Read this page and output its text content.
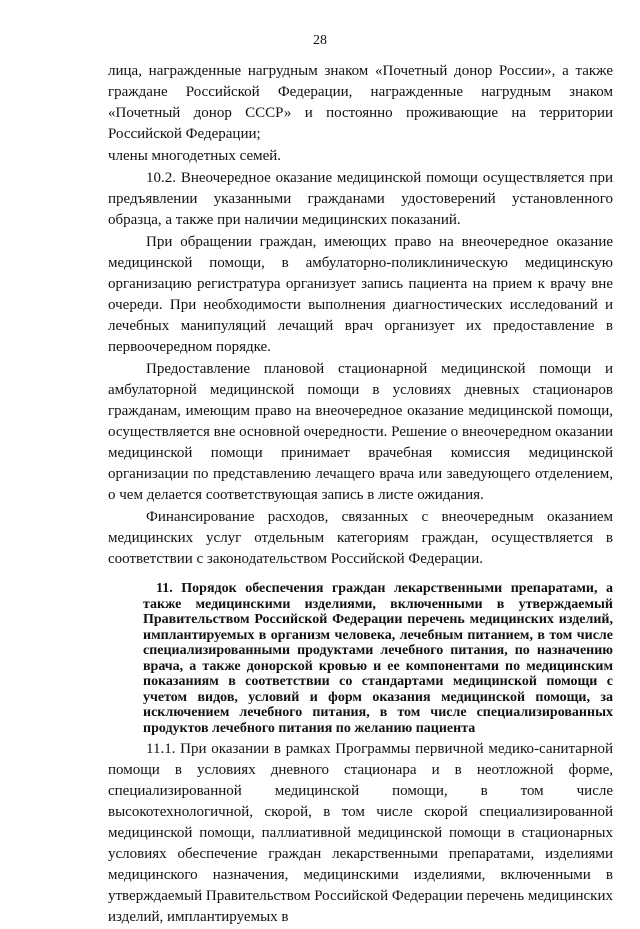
28

лица, награжденные нагрудным знаком «Почетный донор России», а также граждане Российской Федерации, награжденные нагрудным знаком «Почетный донор СССР» и постоянно проживающие на территории Российской Федерации;

члены многодетных семей.

10.2. Внеочередное оказание медицинской помощи осуществляется при предъявлении указанными гражданами удостоверений установленного образца, а также при наличии медицинских показаний.

При обращении граждан, имеющих право на внеочередное оказание медицинской помощи, в амбулаторно-поликлиническую медицинскую организацию регистратура организует запись пациента на прием к врачу вне очереди. При необходимости выполнения диагностических исследований и лечебных манипуляций лечащий врач организует их предоставление в первоочередном порядке.

Предоставление плановой стационарной медицинской помощи и амбулаторной медицинской помощи в условиях дневных стационаров гражданам, имеющим право на внеочередное оказание медицинской помощи, осуществляется вне основной очередности. Решение о внеочередном оказании медицинской помощи принимает врачебная комиссия медицинской организации по представлению лечащего врача или заведующего отделением, о чем делается соответствующая запись в листе ожидания.

Финансирование расходов, связанных с внеочередным оказанием медицинских услуг отдельным категориям граждан, осуществляется в соответствии с законодательством Российской Федерации.

11. Порядок обеспечения граждан лекарственными препаратами, а также медицинскими изделиями, включенными в утверждаемый Правительством Российской Федерации перечень медицинских изделий, имплантируемых в организм человека, лечебным питанием, в том числе специализированными продуктами лечебного питания, по назначению врача, а также донорской кровью и ее компонентами по медицинским показаниям в соответствии со стандартами медицинской помощи с учетом видов, условий и форм оказания медицинской помощи, за исключением лечебного питания, в том числе специализированных продуктов лечебного питания по желанию пациента

11.1. При оказании в рамках Программы первичной медико-санитарной помощи в условиях дневного стационара и в неотложной форме, специализированной медицинской помощи, в том числе высокотехнологичной, скорой, в том числе скорой специализированной медицинской помощи, паллиативной медицинской помощи в стационарных условиях обеспечение граждан лекарственными препаратами, изделиями медицинского назначения, медицинскими изделиями, включенными в утверждаемый Правительством Российской Федерации перечень медицинских изделий, имплантируемых в
